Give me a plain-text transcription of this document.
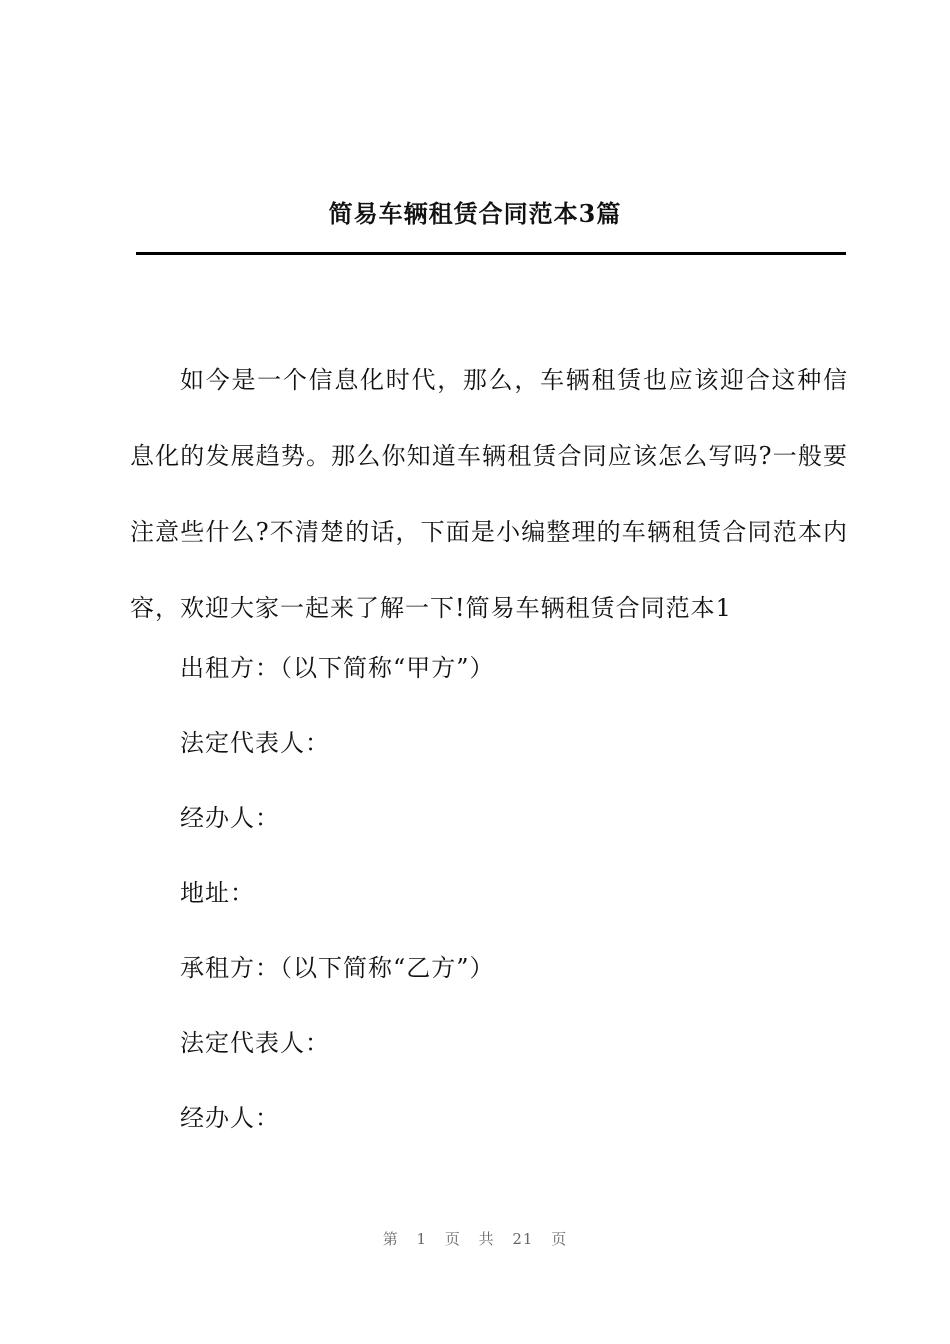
简易车辆租赁合同范本3篇

如今是一个信息化时代，那么，车辆租赁也应该迎合这种信息化的发展趋势。那么你知道车辆租赁合同应该怎么写吗?一般要注意些什么?不清楚的话，下面是小编整理的车辆租赁合同范本内容，欢迎大家一起来了解一下!简易车辆租赁合同范本1

出租方：（以下简称“甲方”）

法定代表人：

经办人：

地址：

承租方：（以下简称“乙方”）

法定代表人：

经办人：

第 1 页 共 21 页
